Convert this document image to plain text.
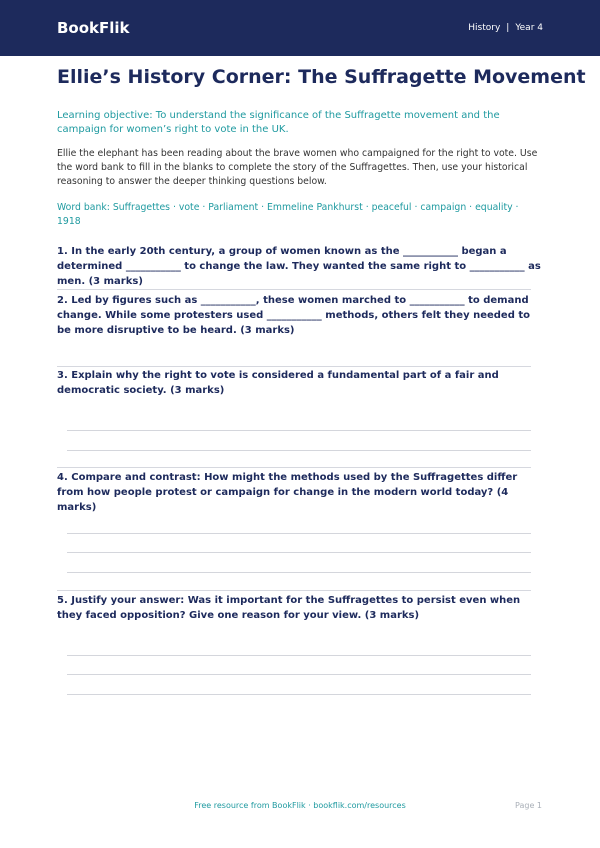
BookFlik	History | Year 4
Ellie’s History Corner: The Suffragette Movement
Learning objective: To understand the significance of the Suffragette movement and the campaign for women’s right to vote in the UK.
Ellie the elephant has been reading about the brave women who campaigned for the right to vote. Use the word bank to fill in the blanks to complete the story of the Suffragettes. Then, use your historical reasoning to answer the deeper thinking questions below.
Word bank: Suffragettes · vote · Parliament · Emmeline Pankhurst · peaceful · campaign · equality · 1918
1. In the early 20th century, a group of women known as the ___________ began a determined ___________ to change the law. They wanted the same right to ___________ as men. (3 marks)
2. Led by figures such as ___________, these women marched to ___________ to demand change. While some protesters used ___________ methods, others felt they needed to be more disruptive to be heard. (3 marks)
3. Explain why the right to vote is considered a fundamental part of a fair and democratic society. (3 marks)
4. Compare and contrast: How might the methods used by the Suffragettes differ from how people protest or campaign for change in the modern world today? (4 marks)
5. Justify your answer: Was it important for the Suffragettes to persist even when they faced opposition? Give one reason for your view. (3 marks)
Free resource from BookFlik · bookflik.com/resources	Page 1
